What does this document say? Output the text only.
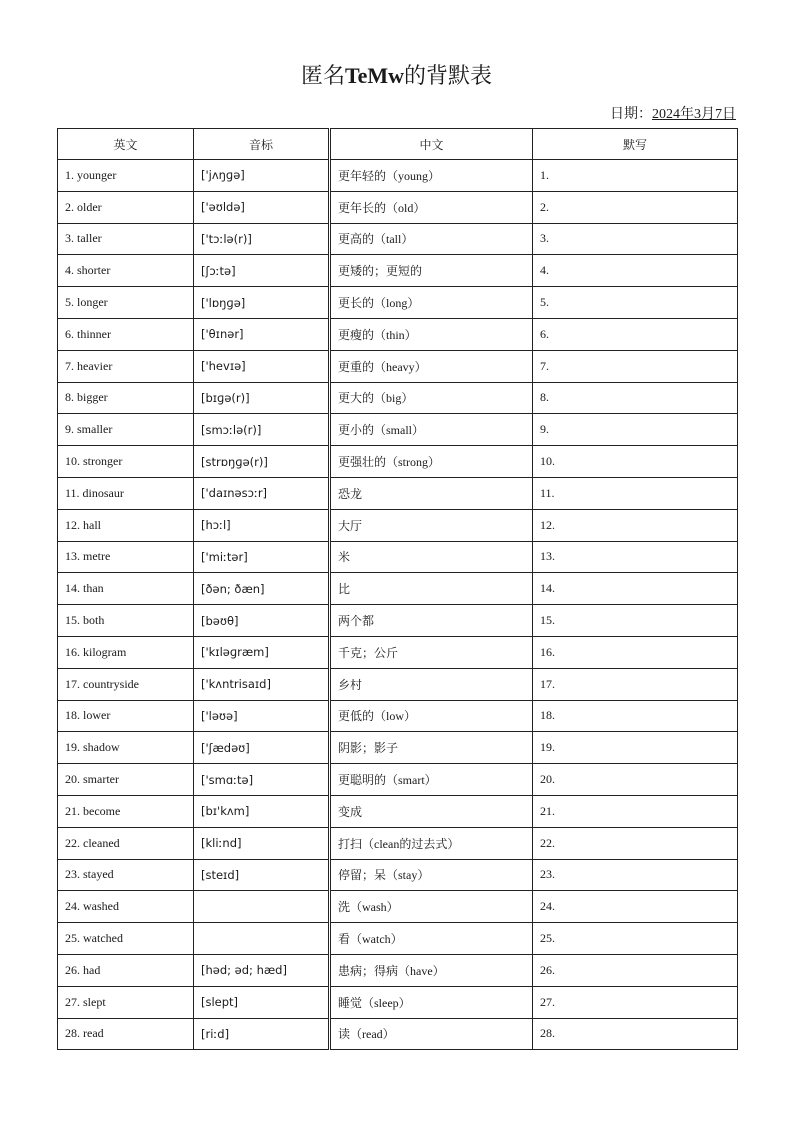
匿名TeMw的背默表
日期：2024年3月7日
英文	音标	中文	默写
1. younger	['jʌŋɡə]	更年轻的（young）	1.
2. older	['əʊldə]	更年长的（old）	2.
3. taller	['tɔːlə(r)]	更高的（tall）	3.
4. shorter	[ʃɔːtə]	更矮的；更短的	4.
5. longer	['lɒŋɡə]	更长的（long）	5.
6. thinner	['θɪnər]	更瘦的（thin）	6.
7. heavier	['hevɪə]	更重的（heavy）	7.
8. bigger	[bɪɡə(r)]	更大的（big）	8.
9. smaller	[smɔːlə(r)]	更小的（small）	9.
10. stronger	[strɒŋɡə(r)]	更强壮的（strong）	10.
11. dinosaur	['daɪnəsɔːr]	恐龙	11.
12. hall	[hɔːl]	大厅	12.
13. metre	['miːtər]	米	13.
14. than	[ðən; ðæn]	比	14.
15. both	[bəʊθ]	两个都	15.
16. kilogram	['kɪləɡræm]	千克；公斤	16.
17. countryside	['kʌntrisaɪd]	乡村	17.
18. lower	['ləʊə]	更低的（low）	18.
19. shadow	['ʃædəʊ]	阴影；影子	19.
20. smarter	['smɑːtə]	更聪明的（smart）	20.
21. become	[bɪ'kʌm]	变成	21.
22. cleaned	[kliːnd]	打扫（clean的过去式）	22.
23. stayed	[steɪd]	停留；呆（stay）	23.
24. washed		洗（wash）	24.
25. watched		看（watch）	25.
26. had	[həd; əd; hæd]	患病；得病（have）	26.
27. slept	[slept]	睡觉（sleep）	27.
28. read	[riːd]	读（read）	28.
